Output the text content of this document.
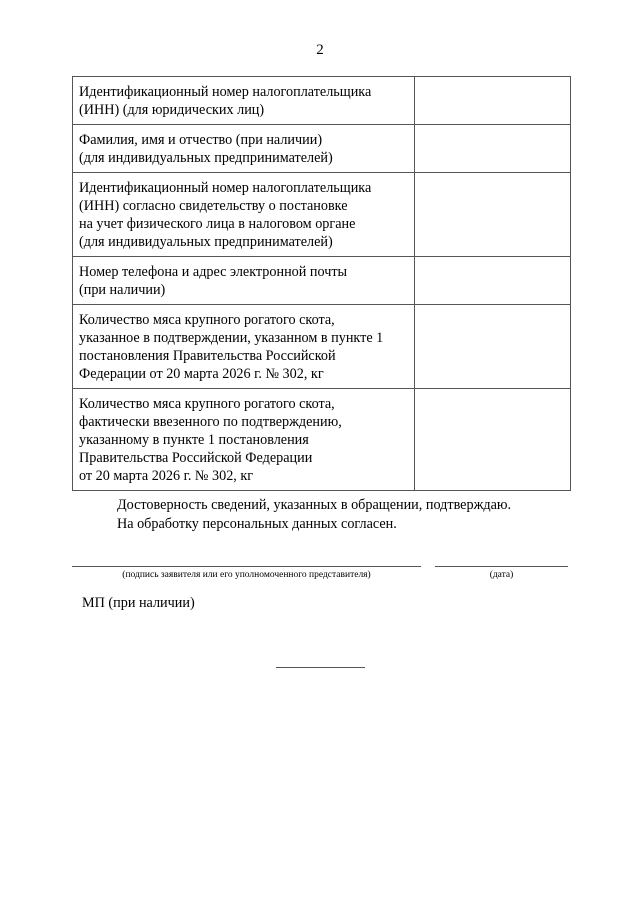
2
Идентификационный номер налогоплательщика
(ИНН) (для юридических лиц)	

Фамилия, имя и отчество (при наличии)
(для индивидуальных предпринимателей)	

Идентификационный номер налогоплательщика
(ИНН) согласно свидетельству о постановке
на учет физического лица в налоговом органе
(для индивидуальных предпринимателей)	

Номер телефона и адрес электронной почты
(при наличии)	

Количество мяса крупного рогатого скота,
указанное в подтверждении, указанном в пункте 1
постановления Правительства Российской
Федерации от 20 марта 2026 г. № 302, кг	

Количество мяса крупного рогатого скота,
фактически ввезенного по подтверждению,
указанному в пункте 1 постановления
Правительства Российской Федерации
от 20 марта 2026 г. № 302, кг	

Достоверность сведений, указанных в обращении, подтверждаю.
На обработку персональных данных согласен.
(подпись заявителя или его уполномоченного представителя)	(дата)
МП (при наличии)
